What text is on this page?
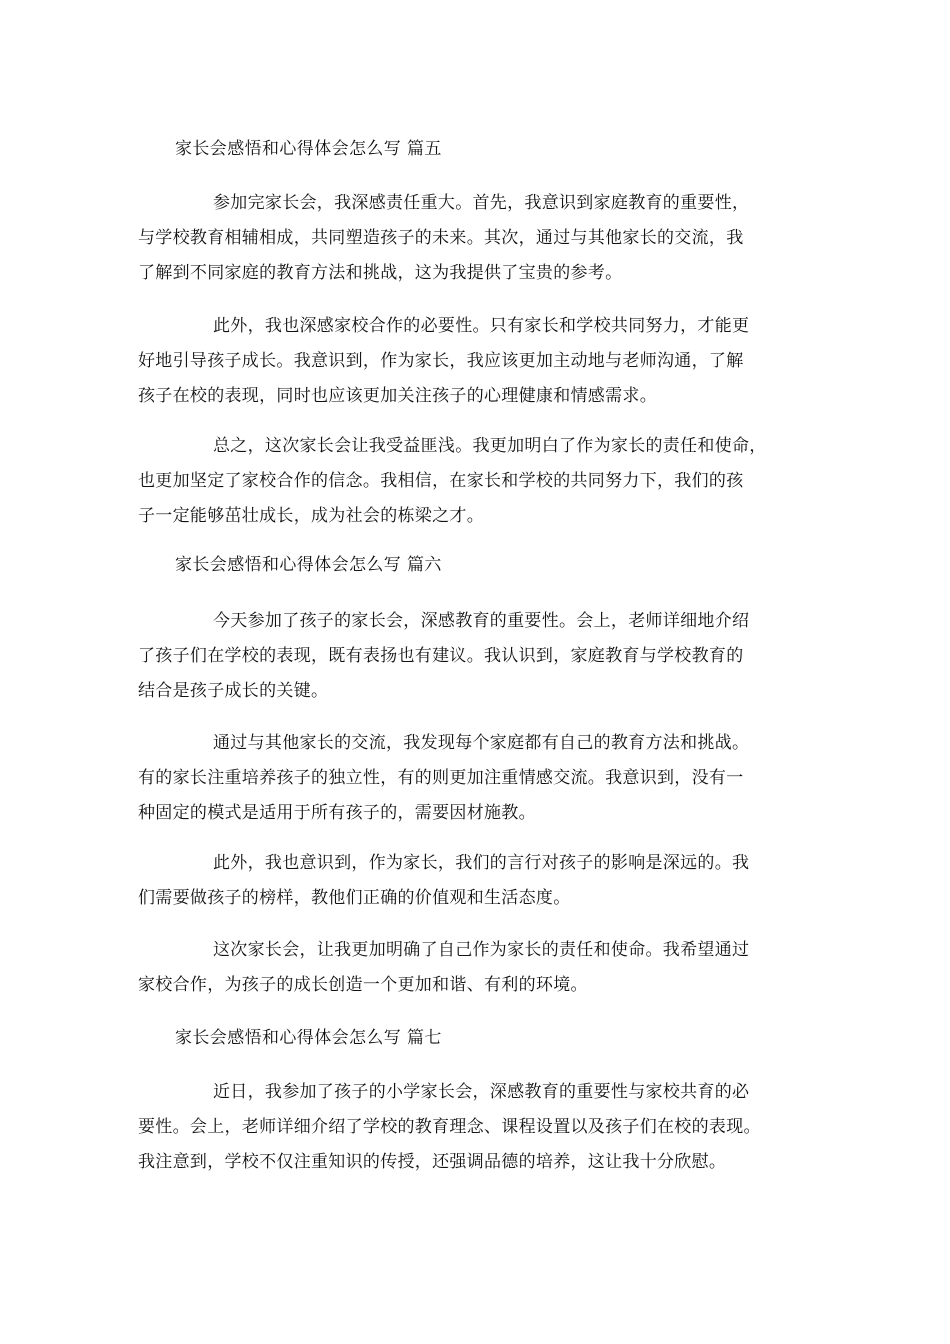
家长会感悟和心得体会怎么写 篇五
参加完家长会，我深感责任重大。首先，我意识到家庭教育的重要性，
与学校教育相辅相成，共同塑造孩子的未来。其次，通过与其他家长的交流，我
了解到不同家庭的教育方法和挑战，这为我提供了宝贵的参考。
此外，我也深感家校合作的必要性。只有家长和学校共同努力，才能更
好地引导孩子成长。我意识到，作为家长，我应该更加主动地与老师沟通，了解
孩子在校的表现，同时也应该更加关注孩子的心理健康和情感需求。
总之，这次家长会让我受益匪浅。我更加明白了作为家长的责任和使命，
也更加坚定了家校合作的信念。我相信，在家长和学校的共同努力下，我们的孩
子一定能够茁壮成长，成为社会的栋梁之才。
家长会感悟和心得体会怎么写 篇六
今天参加了孩子的家长会，深感教育的重要性。会上，老师详细地介绍
了孩子们在学校的表现，既有表扬也有建议。我认识到，家庭教育与学校教育的
结合是孩子成长的关键。
通过与其他家长的交流，我发现每个家庭都有自己的教育方法和挑战。
有的家长注重培养孩子的独立性，有的则更加注重情感交流。我意识到，没有一
种固定的模式是适用于所有孩子的，需要因材施教。
此外，我也意识到，作为家长，我们的言行对孩子的影响是深远的。我
们需要做孩子的榜样，教他们正确的价值观和生活态度。
这次家长会，让我更加明确了自己作为家长的责任和使命。我希望通过
家校合作，为孩子的成长创造一个更加和谐、有利的环境。
家长会感悟和心得体会怎么写 篇七
近日，我参加了孩子的小学家长会，深感教育的重要性与家校共育的必
要性。会上，老师详细介绍了学校的教育理念、课程设置以及孩子们在校的表现。
我注意到，学校不仅注重知识的传授，还强调品德的培养，这让我十分欣慰。
